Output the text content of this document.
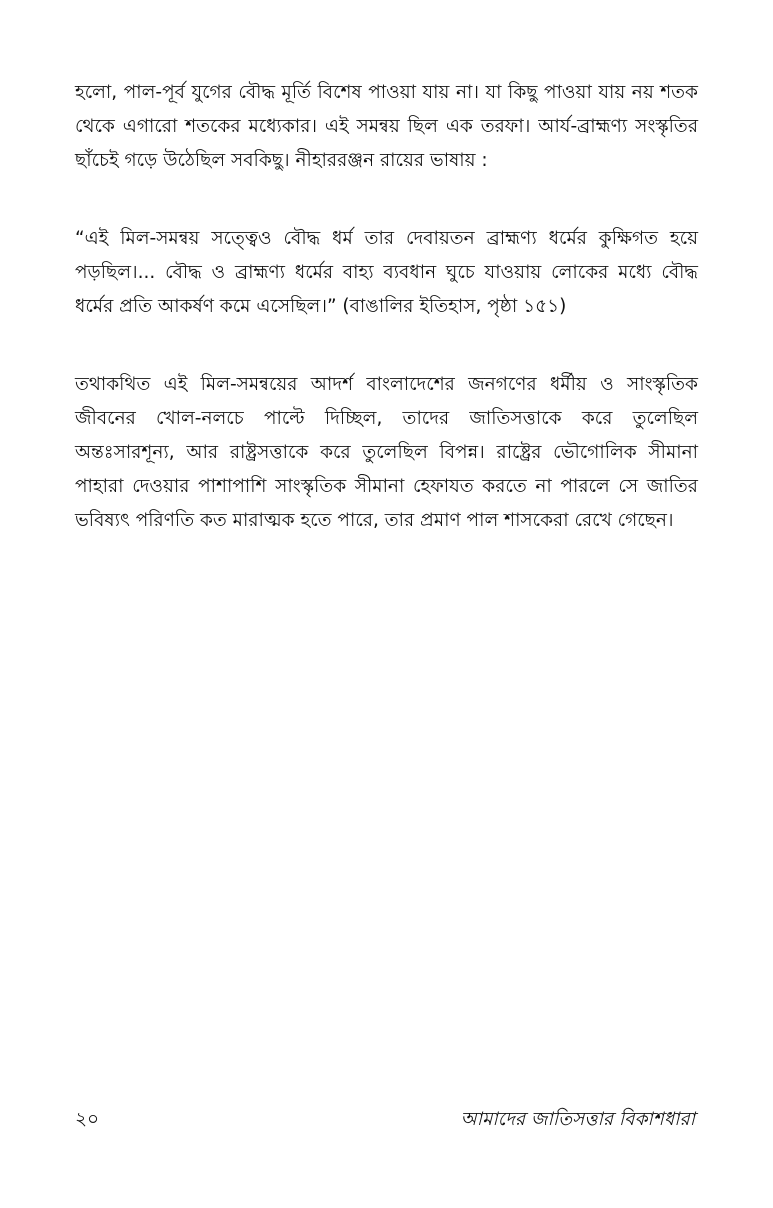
হলো, পাল-পূর্ব যুগের বৌদ্ধ মূর্তি বিশেষ পাওয়া যায় না। যা কিছু পাওয়া যায় নয় শতক থেকে এগারো শতকের মধ্যেকার। এই সমন্বয় ছিল এক তরফা। আর্য-ব্রাহ্মণ্য সংস্কৃতির ছাঁচেই গড়ে উঠেছিল সবকিছু। নীহাররঞ্জন রায়ের ভাষায় :

“এই মিল-সমন্বয় সত্ত্বেও বৌদ্ধ ধর্ম তার দেবায়তন ব্রাহ্মণ্য ধর্মের কুক্ষিগত হয়ে পড়ছিল।... বৌদ্ধ ও ব্রাহ্মণ্য ধর্মের বাহ্য ব্যবধান ঘুচে যাওয়ায় লোকের মধ্যে বৌদ্ধ ধর্মের প্রতি আকর্ষণ কমে এসেছিল।” (বাঙালির ইতিহাস, পৃষ্ঠা ১৫১)

তথাকথিত এই মিল-সমন্বয়ের আদর্শ বাংলাদেশের জনগণের ধর্মীয় ও সাংস্কৃতিক জীবনের খোল-নলচে পাল্টে দিচ্ছিল, তাদের জাতিসত্তাকে করে তুলেছিল অন্তঃসারশূন্য, আর রাষ্ট্রসত্তাকে করে তুলেছিল বিপন্ন। রাষ্ট্রের ভৌগোলিক সীমানা পাহারা দেওয়ার পাশাপাশি সাংস্কৃতিক সীমানা হেফাযত করতে না পারলে সে জাতির ভবিষ্যৎ পরিণতি কত মারাত্মক হতে পারে, তার প্রমাণ পাল শাসকেরা রেখে গেছেন।

২০	আমাদের জাতিসত্তার বিকাশধারা
